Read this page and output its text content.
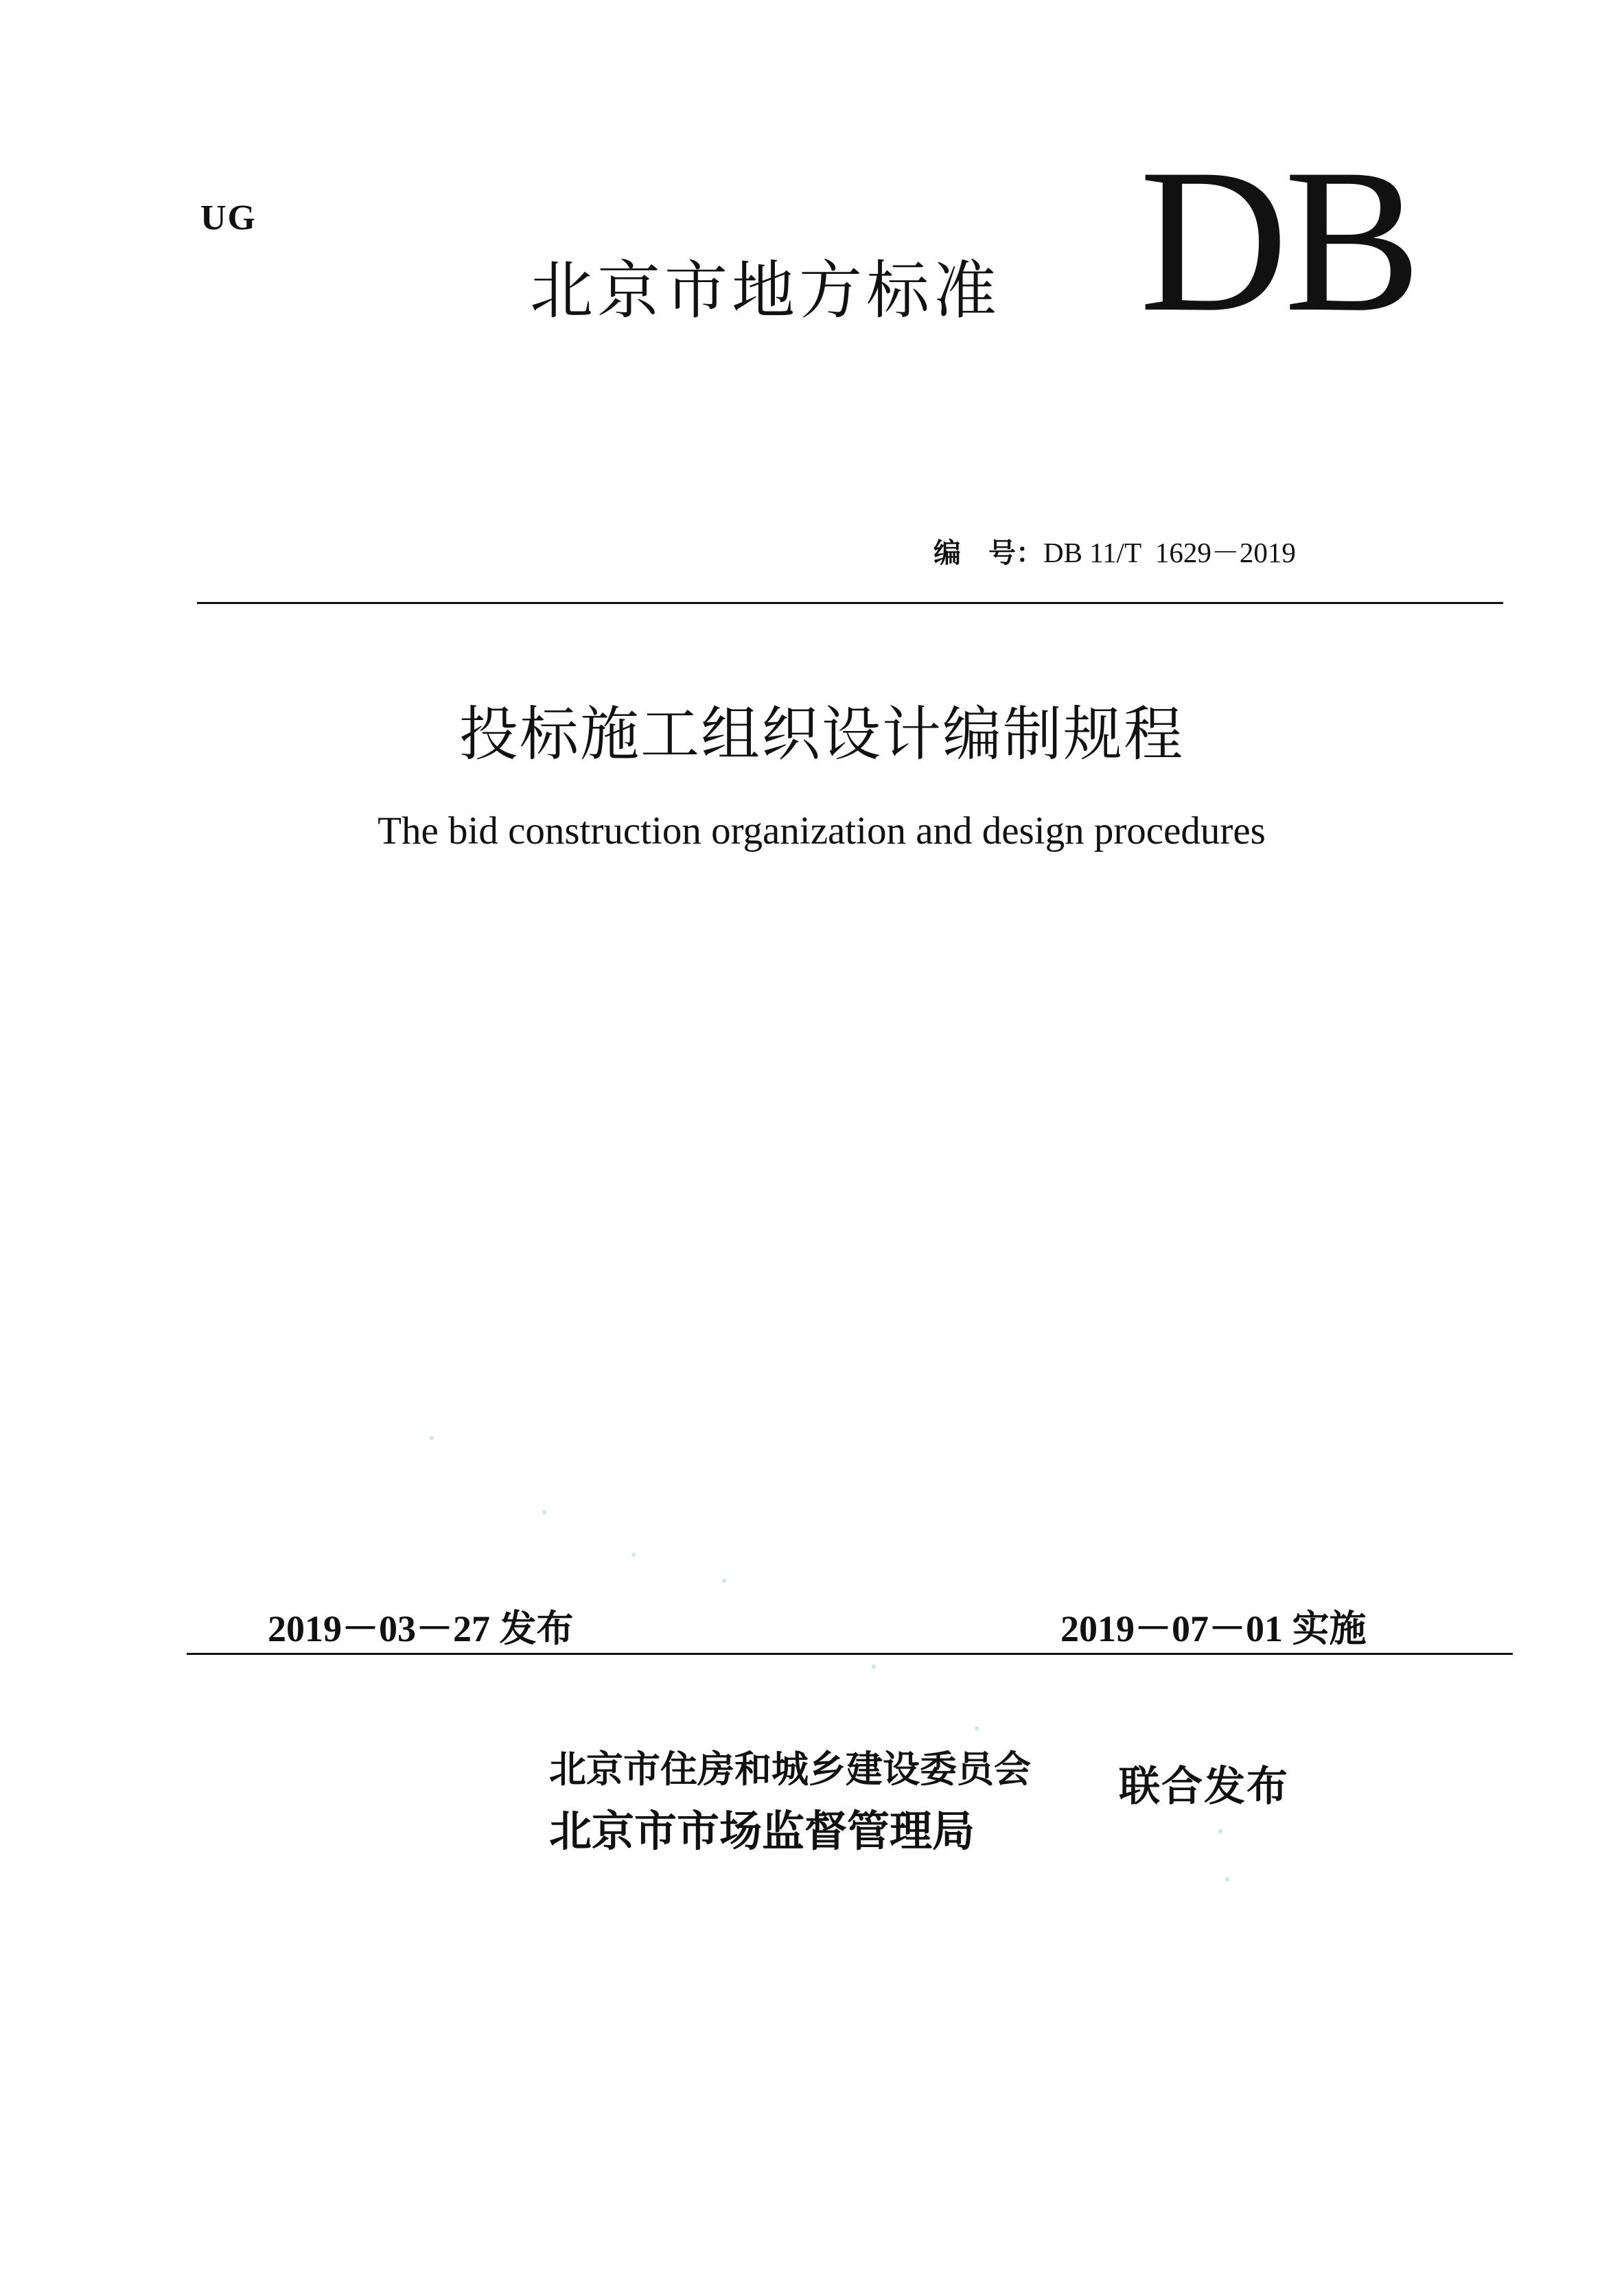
UG
北京市地方标准 DB
编　号：DB 11/T  1629－2019
投标施工组织设计编制规程
The bid construction organization and design procedures
2019－03－27 发布	2019－07－01 实施
北京市住房和城乡建设委员会
北京市市场监督管理局
联合发布
